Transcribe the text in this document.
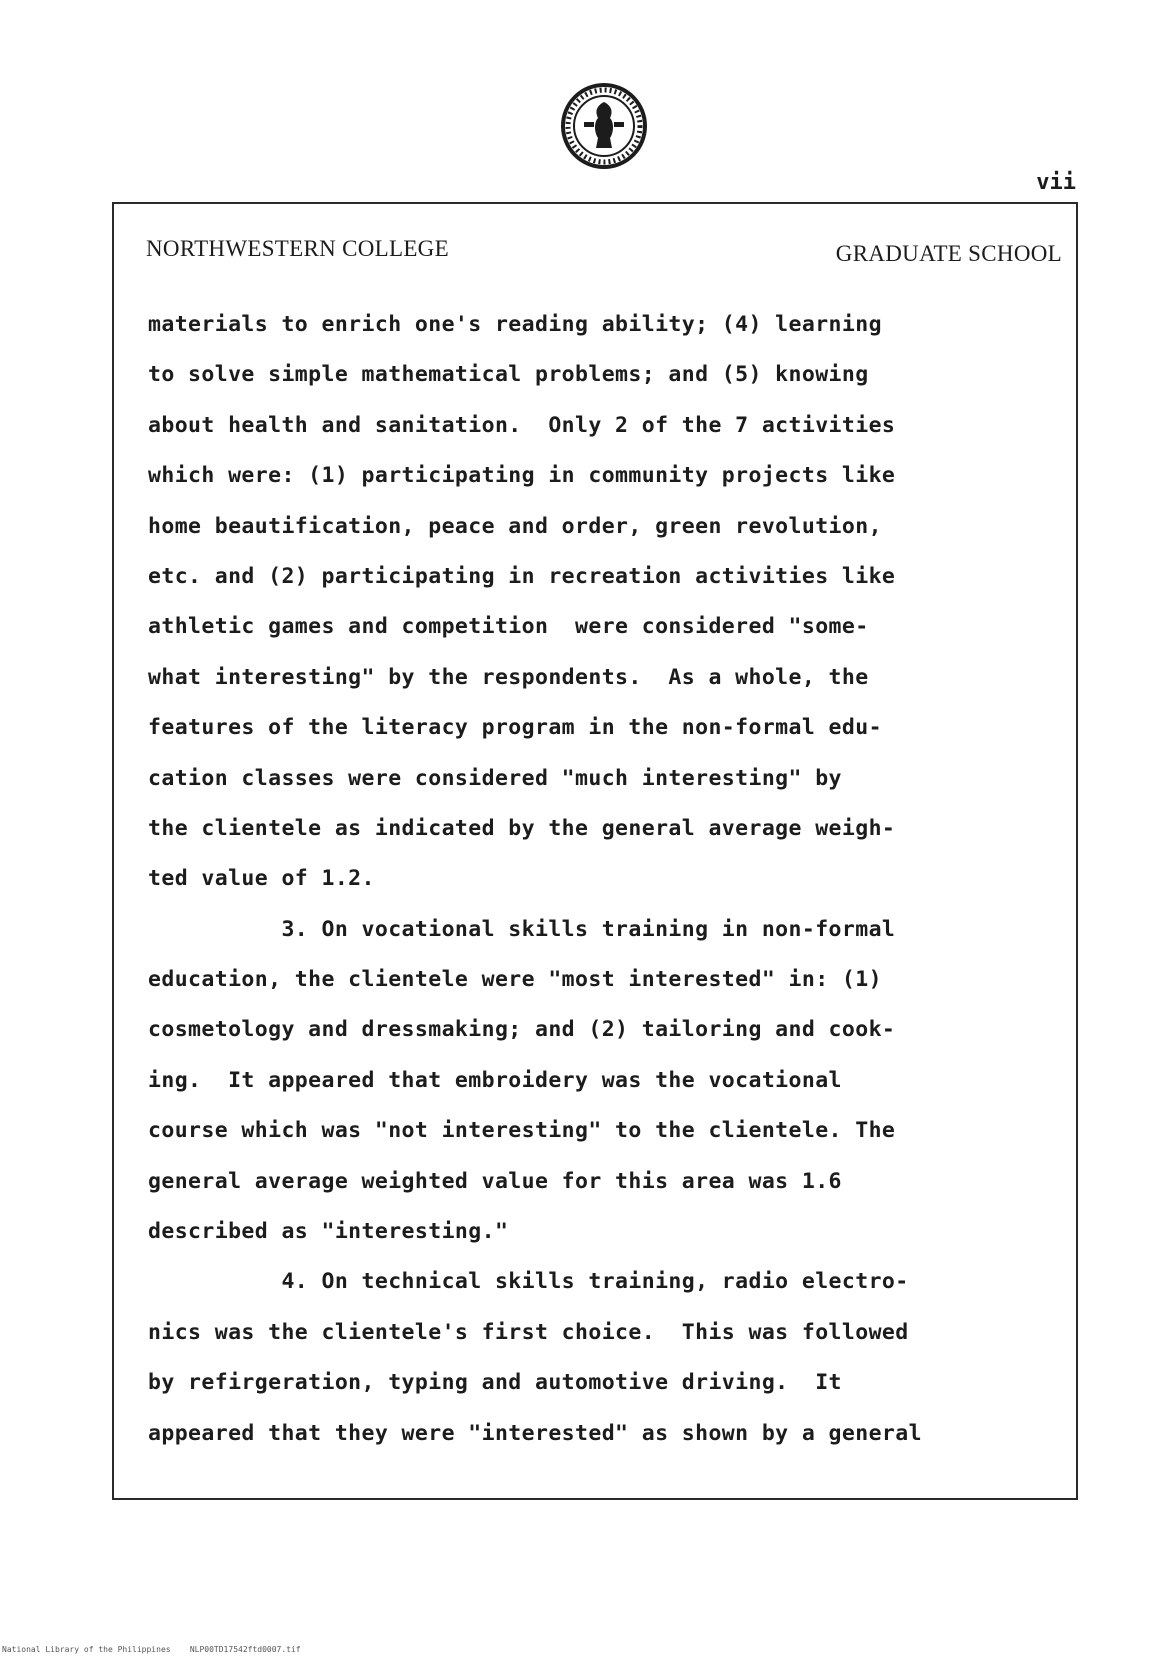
vii
NORTHWESTERN COLLEGE	GRADUATE SCHOOL
materials to enrich one's reading ability; (4) learning
to solve simple mathematical problems; and (5) knowing
about health and sanitation.  Only 2 of the 7 activities
which were: (1) participating in community projects like
home beautification, peace and order, green revolution,
etc. and (2) participating in recreation activities like
athletic games and competition  were considered "some-
what interesting" by the respondents.  As a whole, the
features of the literacy program in the non-formal edu-
cation classes were considered "much interesting" by
the clientele as indicated by the general average weigh-
ted value of 1.2.
3. On vocational skills training in non-formal
education, the clientele were "most interested" in: (1)
cosmetology and dressmaking; and (2) tailoring and cook-
ing.  It appeared that embroidery was the vocational
course which was "not interesting" to the clientele. The
general average weighted value for this area was 1.6
described as "interesting."
4. On technical skills training, radio electro-
nics was the clientele's first choice.  This was followed
by refirgeration, typing and automotive driving.  It
appeared that they were "interested" as shown by a general
National Library of the Philippines    NLP00TD17542ftd0007.tif
